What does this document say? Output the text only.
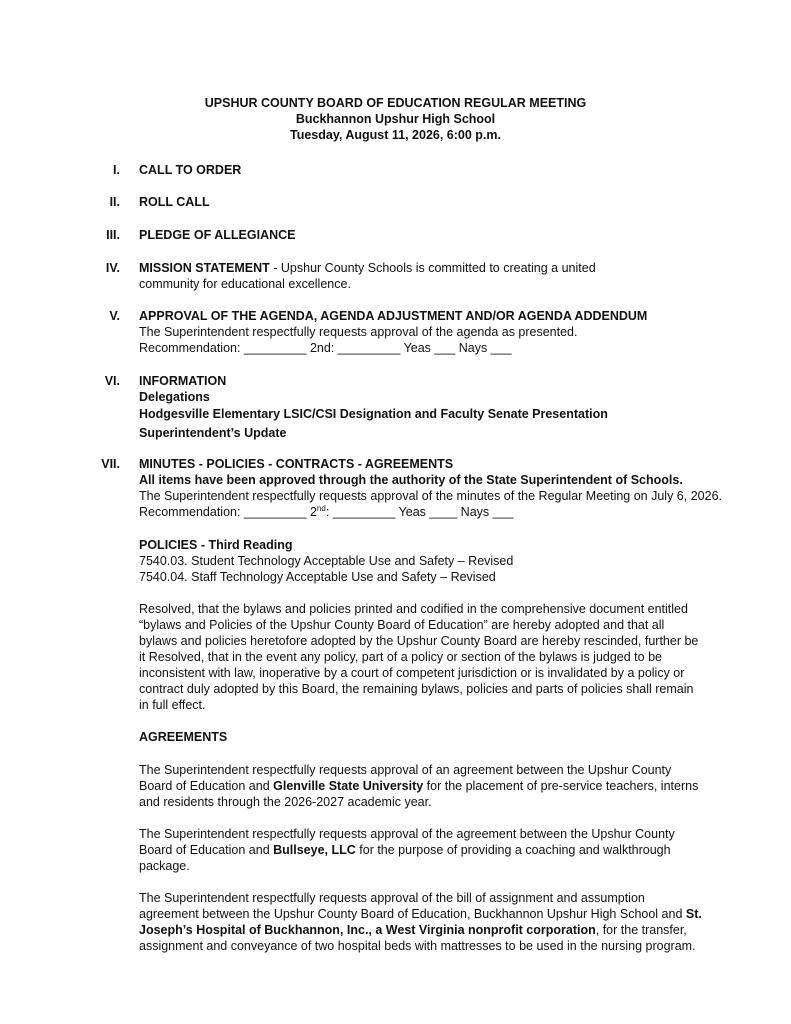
UPSHUR COUNTY BOARD OF EDUCATION REGULAR MEETING
Buckhannon Upshur High School
Tuesday, August 11, 2026, 6:00 p.m.
I. CALL TO ORDER
II. ROLL CALL
III. PLEDGE OF ALLEGIANCE
IV. MISSION STATEMENT - Upshur County Schools is committed to creating a united community for educational excellence.
V. APPROVAL OF THE AGENDA, AGENDA ADJUSTMENT AND/OR AGENDA ADDENDUM
The Superintendent respectfully requests approval of the agenda as presented.
Recommendation: _________ 2nd: _________ Yeas ___ Nays ___
VI. INFORMATION
Delegations
Hodgesville Elementary LSIC/CSI Designation and Faculty Senate Presentation
Superintendent’s Update
VII. MINUTES - POLICIES - CONTRACTS - AGREEMENTS
All items have been approved through the authority of the State Superintendent of Schools.
The Superintendent respectfully requests approval of the minutes of the Regular Meeting on July 6, 2026.
Recommendation: _________ 2nd: _________ Yeas ____ Nays ___
POLICIES - Third Reading
7540.03. Student Technology Acceptable Use and Safety – Revised
7540.04. Staff Technology Acceptable Use and Safety – Revised
Resolved, that the bylaws and policies printed and codified in the comprehensive document entitled “bylaws and Policies of the Upshur County Board of Education” are hereby adopted and that all bylaws and policies heretofore adopted by the Upshur County Board are hereby rescinded, further be it Resolved, that in the event any policy, part of a policy or section of the bylaws is judged to be inconsistent with law, inoperative by a court of competent jurisdiction or is invalidated by a policy or contract duly adopted by this Board, the remaining bylaws, policies and parts of policies shall remain in full effect.
AGREEMENTS
The Superintendent respectfully requests approval of an agreement between the Upshur County Board of Education and Glenville State University for the placement of pre-service teachers, interns and residents through the 2026-2027 academic year.
The Superintendent respectfully requests approval of the agreement between the Upshur County Board of Education and Bullseye, LLC for the purpose of providing a coaching and walkthrough package.
The Superintendent respectfully requests approval of the bill of assignment and assumption agreement between the Upshur County Board of Education, Buckhannon Upshur High School and St. Joseph’s Hospital of Buckhannon, Inc., a West Virginia nonprofit corporation, for the transfer, assignment and conveyance of two hospital beds with mattresses to be used in the nursing program.
